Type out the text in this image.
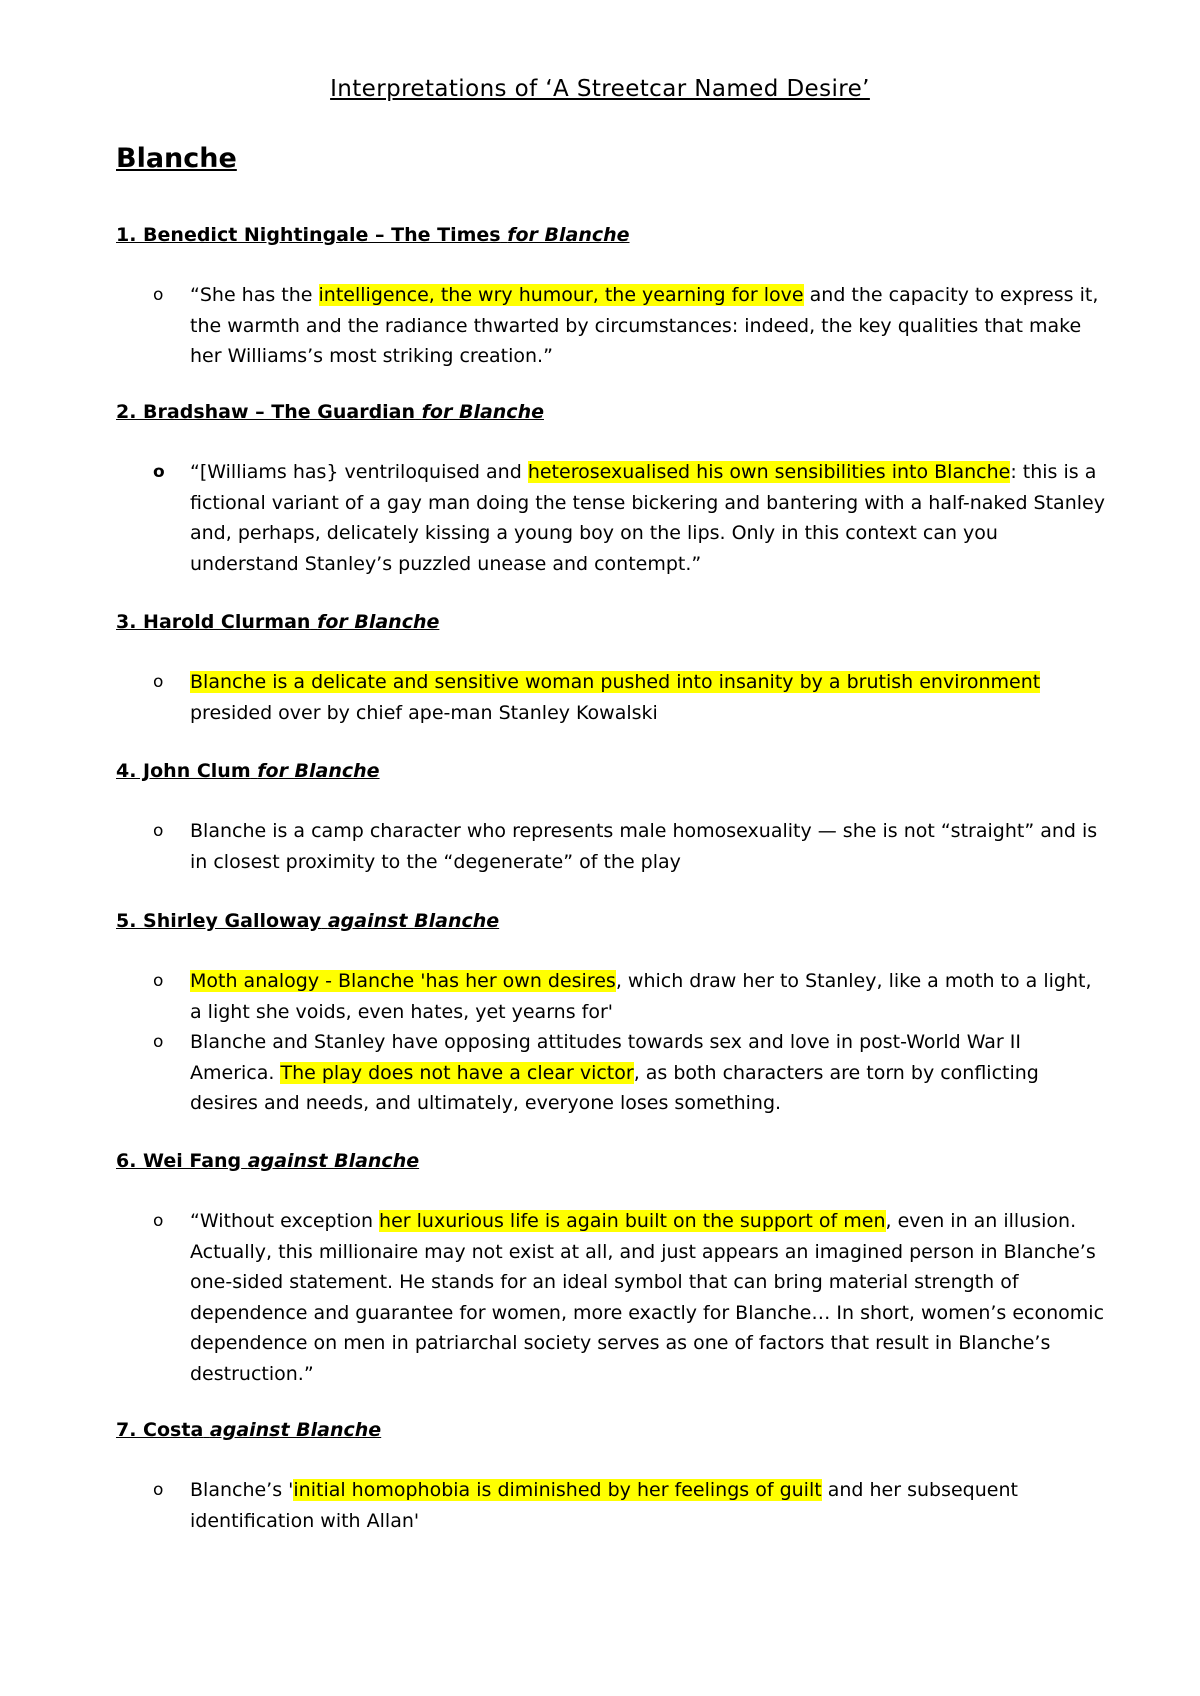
Interpretations of ‘A Streetcar Named Desire’
Blanche
1. Benedict Nightingale – The Times for Blanche
o “She has the intelligence, the wry humour, the yearning for love and the capacity to express it, the warmth and the radiance thwarted by circumstances: indeed, the key qualities that make her Williams’s most striking creation.”
2. Bradshaw – The Guardian for Blanche
o “[Williams has} ventriloquised and heterosexualised his own sensibilities into Blanche: this is a fictional variant of a gay man doing the tense bickering and bantering with a half-naked Stanley and, perhaps, delicately kissing a young boy on the lips. Only in this context can you understand Stanley’s puzzled unease and contempt.”
3. Harold Clurman for Blanche
o Blanche is a delicate and sensitive woman pushed into insanity by a brutish environment presided over by chief ape-man Stanley Kowalski
4. John Clum for Blanche
o Blanche is a camp character who represents male homosexuality — she is not “straight” and is in closest proximity to the “degenerate” of the play
5. Shirley Galloway against Blanche
o Moth analogy - Blanche 'has her own desires, which draw her to Stanley, like a moth to a light, a light she voids, even hates, yet yearns for'
o Blanche and Stanley have opposing attitudes towards sex and love in post-World War II America. The play does not have a clear victor, as both characters are torn by conflicting desires and needs, and ultimately, everyone loses something.
6. Wei Fang against Blanche
o “Without exception her luxurious life is again built on the support of men, even in an illusion. Actually, this millionaire may not exist at all, and just appears an imagined person in Blanche’s one-sided statement. He stands for an ideal symbol that can bring material strength of dependence and guarantee for women, more exactly for Blanche… In short, women’s economic dependence on men in patriarchal society serves as one of factors that result in Blanche’s destruction.”
7. Costa against Blanche
o Blanche’s 'initial homophobia is diminished by her feelings of guilt and her subsequent identification with Allan'
